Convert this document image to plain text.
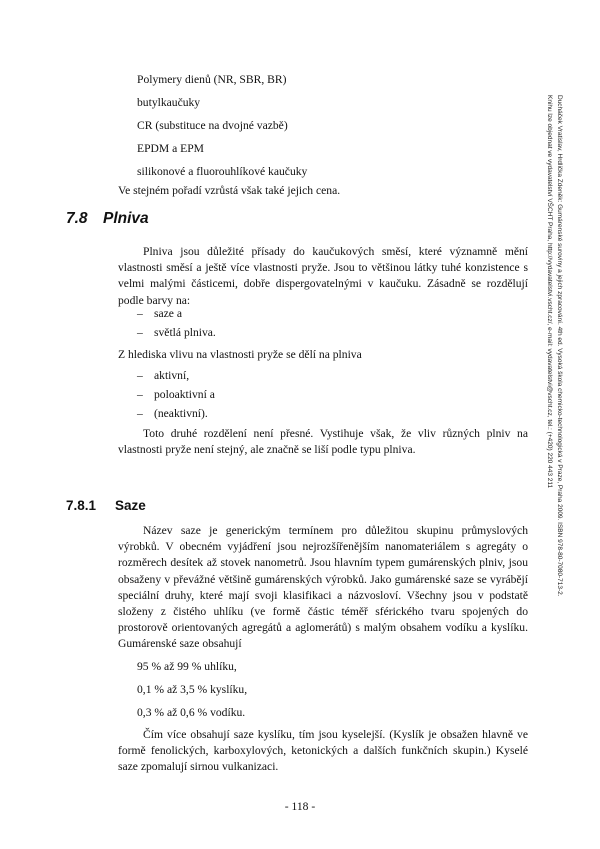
Polymery dienů (NR, SBR, BR)
butylkaučuky
CR (substituce na dvojné vazbě)
EPDM a EPM
silikonové a fluorouhlíkové kaučuky
Ve stejném pořadí vzrůstá však také jejich cena.
7.8 Plniva

Plniva jsou důležité přísady do kaučukových směsí, které významně mění vlastnosti směsí a ještě více vlastnosti pryže. Jsou to většinou látky tuhé konzistence s velmi malými částicemi, dobře dispergovatelnými v kaučuku. Zásadně se rozdělují podle barvy na:

– saze a
– světlá plniva.
Z hlediska vlivu na vlastnosti pryže se dělí na plniva
– aktivní,
– poloaktivní a
– (neaktivní).

Toto druhé rozdělení není přesné. Vystihuje však, že vliv různých plniv na vlastnosti pryže není stejný, ale značně se liší podle typu plniva.

7.8.1 Saze

Název saze je generickým termínem pro důležitou skupinu průmyslových výrobků. V obecném vyjádření jsou nejrozšířenějším nanomateriálem s agregáty o rozměrech desítek až stovek nanometrů. Jsou hlavním typem gumárenských plniv, jsou obsaženy v převážné většině gumárenských výrobků. Jako gumárenské saze se vyrábějí speciální druhy, které mají svoji klasifikaci a názvosloví. Všechny jsou v podstatě složeny z čistého uhlíku (ve formě částic téměř sférického tvaru spojených do prostorově orientovaných agregátů a aglomerátů) s malým obsahem vodíku a kyslíku. Gumárenské saze obsahují

95 % až 99 % uhlíku,
0,1 % až 3,5 % kyslíku,
0,3 % až 0,6 % vodíku.

Čím více obsahují saze kyslíku, tím jsou kyselejší. (Kyslík je obsažen hlavně ve formě fenolických, karboxylových, ketonických a dalších funkčních skupin.) Kyselé saze zpomalují sirnou vulkanizaci.

Ducháček Vratislav, Hrdlička Zdeněk: Gumárenské suroviny a jejich zpracování. 4th ed. Vysoká škola chemicko-technologická v Praze, Praha 2009. ISBN 978-80-7080-713-2.
Knihu lze objednat ve vydavatelství VŠCHT Praha, http://vydavatelstvi.vscht.cz/, e-mail: vydavatelstvi@vscht.cz, tel.: (+420) 220 443 211
- 118 -
